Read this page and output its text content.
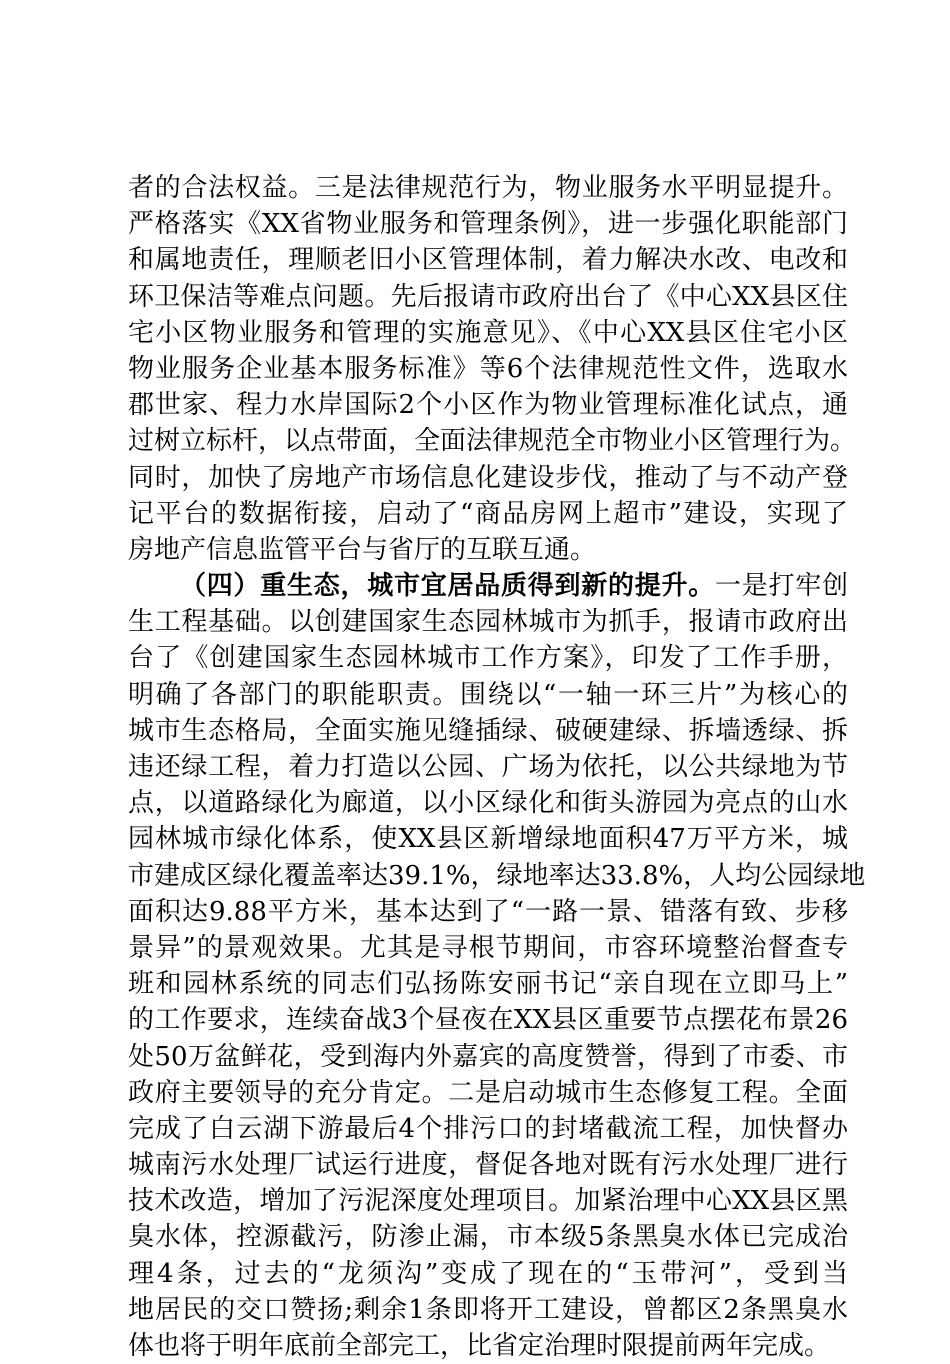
者的合法权益。三是法律规范行为，物业服务水平明显提升。
严格落实《XX省物业服务和管理条例》，进一步强化职能部门
和属地责任，理顺老旧小区管理体制，着力解决水改、电改和
环卫保洁等难点问题。先后报请市政府出台了《中心XX县区住
宅小区物业服务和管理的实施意见》、《中心XX县区住宅小区
物业服务企业基本服务标准》等6个法律规范性文件，选取水
郡世家、程力水岸国际2个小区作为物业管理标准化试点，通
过树立标杆，以点带面，全面法律规范全市物业小区管理行为。
同时，加快了房地产市场信息化建设步伐，推动了与不动产登
记平台的数据衔接，启动了“商品房网上超市”建设，实现了
房地产信息监管平台与省厅的互联互通。
（四）重生态，城市宜居品质得到新的提升。一是打牢创
生工程基础。以创建国家生态园林城市为抓手，报请市政府出
台了《创建国家生态园林城市工作方案》，印发了工作手册，
明确了各部门的职能职责。围绕以“一轴一环三片”为核心的
城市生态格局，全面实施见缝插绿、破硬建绿、拆墙透绿、拆
违还绿工程，着力打造以公园、广场为依托，以公共绿地为节
点，以道路绿化为廊道，以小区绿化和街头游园为亮点的山水
园林城市绿化体系，使XX县区新增绿地面积47万平方米，城
市建成区绿化覆盖率达39.1%，绿地率达33.8%，人均公园绿地
面积达9.88平方米，基本达到了“一路一景、错落有致、步移
景异”的景观效果。尤其是寻根节期间，市容环境整治督查专
班和园林系统的同志们弘扬陈安丽书记“亲自现在立即马上”
的工作要求，连续奋战3个昼夜在XX县区重要节点摆花布景26
处50万盆鲜花，受到海内外嘉宾的高度赞誉，得到了市委、市
政府主要领导的充分肯定。二是启动城市生态修复工程。全面
完成了白云湖下游最后4个排污口的封堵截流工程，加快督办
城南污水处理厂试运行进度，督促各地对既有污水处理厂进行
技术改造，增加了污泥深度处理项目。加紧治理中心XX县区黑
臭水体，控源截污，防渗止漏，市本级5条黑臭水体已完成治
理4条，过去的“龙须沟”变成了现在的“玉带河”，受到当
地居民的交口赞扬;剩余1条即将开工建设，曾都区2条黑臭水
体也将于明年底前全部完工，比省定治理时限提前两年完成。
